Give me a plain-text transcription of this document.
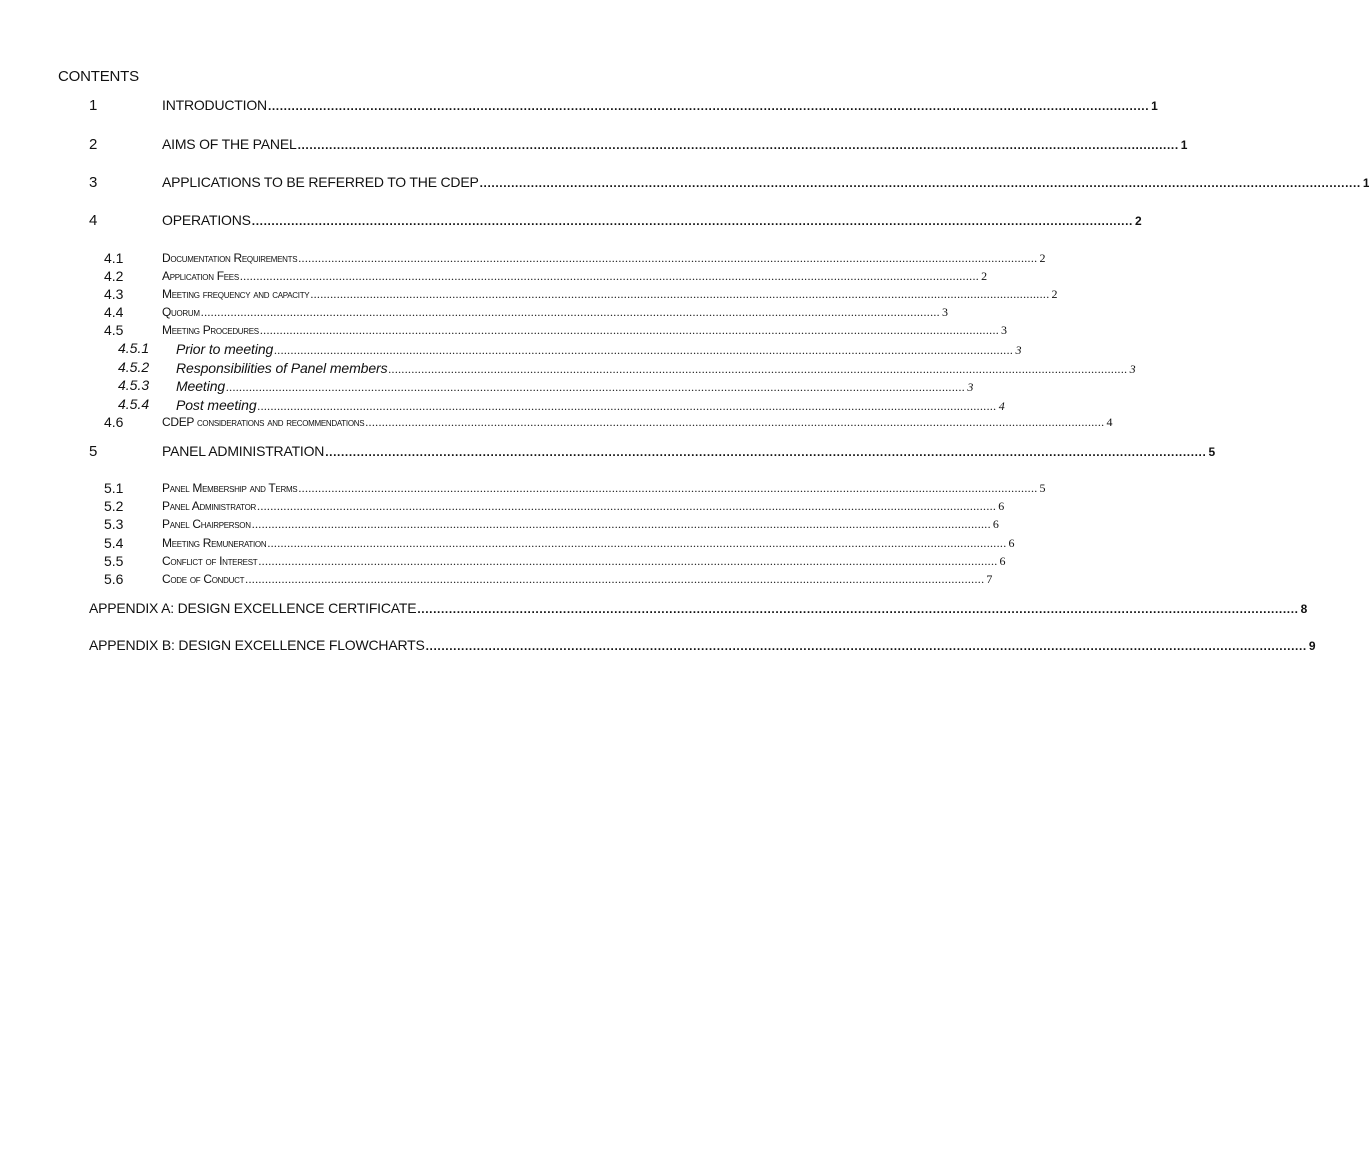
CONTENTS
1	INTRODUCTION ................................................................................................................................................................................................................................ 1
2	AIMS OF THE PANEL ................................................................................................................................................................................................................................ 1
3	APPLICATIONS TO BE REFERRED TO THE CDEP ................................................................................................................................................................................................................................ 1
4	OPERATIONS ................................................................................................................................................................................................................................ 2
4.1	Documentation Requirements ................................................................................................................................................................................................................................ 2
4.2	Application Fees ................................................................................................................................................................................................................................ 2
4.3	Meeting frequency and capacity ................................................................................................................................................................................................................................ 2
4.4	Quorum ................................................................................................................................................................................................................................ 3
4.5	Meeting Procedures ................................................................................................................................................................................................................................ 3
4.5.1 Prior to meeting ................................................................................................................................................................................................................................ 3
4.5.2 Responsibilities of Panel members ................................................................................................................................................................................................................................ 3
4.5.3 Meeting ................................................................................................................................................................................................................................ 3
4.5.4 Post meeting ................................................................................................................................................................................................................................ 4
4.6	CDEP considerations and recommendations ................................................................................................................................................................................................................................ 4
5	PANEL ADMINISTRATION ................................................................................................................................................................................................................................ 5
5.1	Panel Membership and Terms ................................................................................................................................................................................................................................ 5
5.2	Panel Administrator ................................................................................................................................................................................................................................ 6
5.3	Panel Chairperson ................................................................................................................................................................................................................................ 6
5.4	Meeting Remuneration ................................................................................................................................................................................................................................ 6
5.5	Conflict of Interest ................................................................................................................................................................................................................................ 6
5.6	Code of Conduct ................................................................................................................................................................................................................................ 7
APPENDIX A: DESIGN EXCELLENCE CERTIFICATE ................................................................................................................................................................................................................................ 8
APPENDIX B: DESIGN EXCELLENCE FLOWCHARTS ................................................................................................................................................................................................................................ 9
